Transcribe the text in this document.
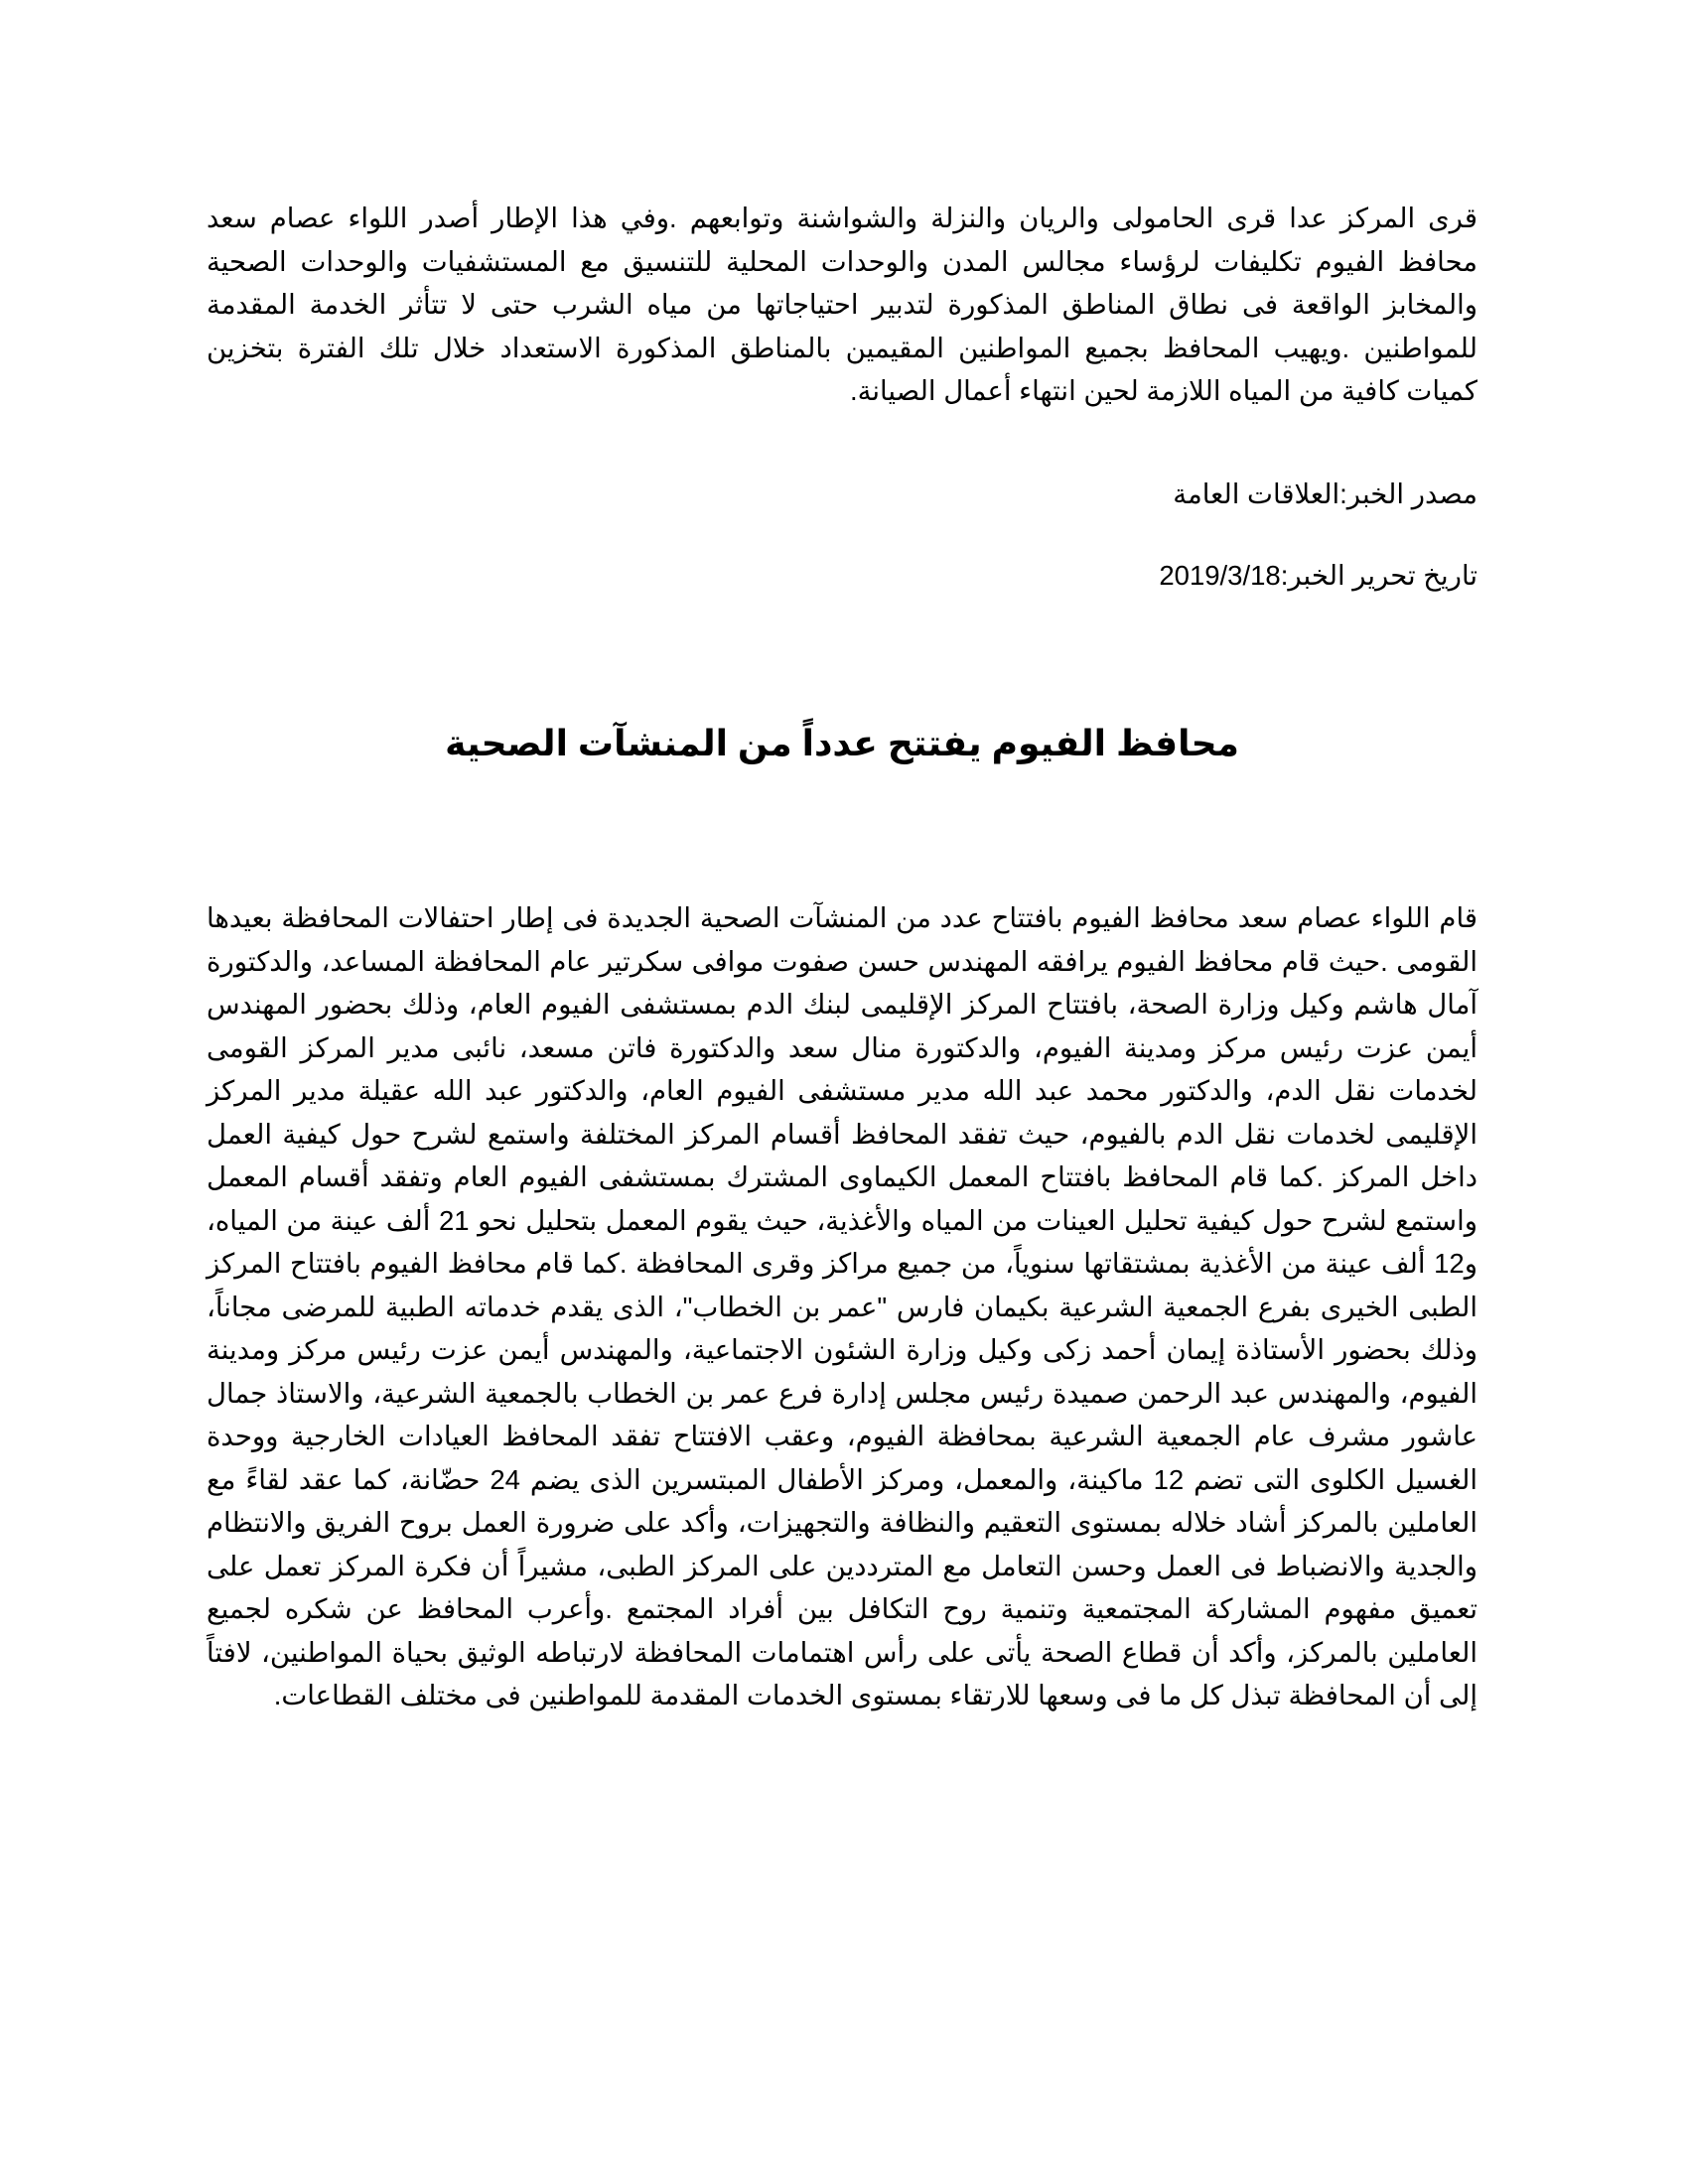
قرى المركز عدا قرى الحامولى والريان والنزلة والشواشنة وتوابعهم .وفي هذا الإطار أصدر اللواء عصام سعد محافظ الفيوم تكليفات لرؤساء مجالس المدن والوحدات المحلية للتنسيق مع المستشفيات والوحدات الصحية والمخابز الواقعة فى نطاق المناطق المذكورة لتدبير احتياجاتها من مياه الشرب حتى لا تتأثر الخدمة المقدمة للمواطنين .ويهيب المحافظ بجميع المواطنين المقيمين بالمناطق المذكورة الاستعداد خلال تلك الفترة بتخزين كميات كافية من المياه اللازمة لحين انتهاء أعمال الصيانة.

مصدر الخبر:العلاقات العامة

تاريخ تحرير الخبر:2019/3/18

محافظ الفيوم يفتتح عدداً من المنشآت الصحية

قام اللواء عصام سعد محافظ الفيوم بافتتاح عدد من المنشآت الصحية الجديدة فى إطار احتفالات المحافظة بعيدها القومى .حيث قام محافظ الفيوم يرافقه المهندس حسن صفوت موافى سكرتير عام المحافظة المساعد، والدكتورة آمال هاشم وكيل وزارة الصحة، بافتتاح المركز الإقليمى لبنك الدم بمستشفى الفيوم العام، وذلك بحضور المهندس أيمن عزت رئيس مركز ومدينة الفيوم، والدكتورة منال سعد والدكتورة فاتن مسعد، نائبى مدير المركز القومى لخدمات نقل الدم، والدكتور محمد عبد الله مدير مستشفى الفيوم العام، والدكتور عبد الله عقيلة مدير المركز الإقليمى لخدمات نقل الدم بالفيوم، حيث تفقد المحافظ أقسام المركز المختلفة واستمع لشرح حول كيفية العمل داخل المركز .كما قام المحافظ بافتتاح المعمل الكيماوى المشترك بمستشفى الفيوم العام وتفقد أقسام المعمل واستمع لشرح حول كيفية تحليل العينات من المياه والأغذية، حيث يقوم المعمل بتحليل نحو 21 ألف عينة من المياه، و12 ألف عينة من الأغذية بمشتقاتها سنوياً، من جميع مراكز وقرى المحافظة .كما قام محافظ الفيوم بافتتاح المركز الطبى الخيرى بفرع الجمعية الشرعية بكيمان فارس "عمر بن الخطاب"، الذى يقدم خدماته الطبية للمرضى مجاناً، وذلك بحضور الأستاذة إيمان أحمد زكى وكيل وزارة الشئون الاجتماعية، والمهندس أيمن عزت رئيس مركز ومدينة الفيوم، والمهندس عبد الرحمن صميدة رئيس مجلس إدارة فرع عمر بن الخطاب بالجمعية الشرعية، والاستاذ جمال عاشور مشرف عام الجمعية الشرعية بمحافظة الفيوم، وعقب الافتتاح تفقد المحافظ العيادات الخارجية ووحدة الغسيل الكلوى التى تضم 12 ماكينة، والمعمل، ومركز الأطفال المبتسرين الذى يضم 24 حضّانة، كما عقد لقاءً مع العاملين بالمركز أشاد خلاله بمستوى التعقيم والنظافة والتجهيزات، وأكد على ضرورة العمل بروح الفريق والانتظام والجدية والانضباط فى العمل وحسن التعامل مع المترددين على المركز الطبى، مشيراً أن فكرة المركز تعمل على تعميق مفهوم المشاركة المجتمعية وتنمية روح التكافل بين أفراد المجتمع .وأعرب المحافظ عن شكره لجميع العاملين بالمركز، وأكد أن قطاع الصحة يأتى على رأس اهتمامات المحافظة لارتباطه الوثيق بحياة المواطنين، لافتاً إلى أن المحافظة تبذل كل ما فى وسعها للارتقاء بمستوى الخدمات المقدمة للمواطنين فى مختلف القطاعات.
